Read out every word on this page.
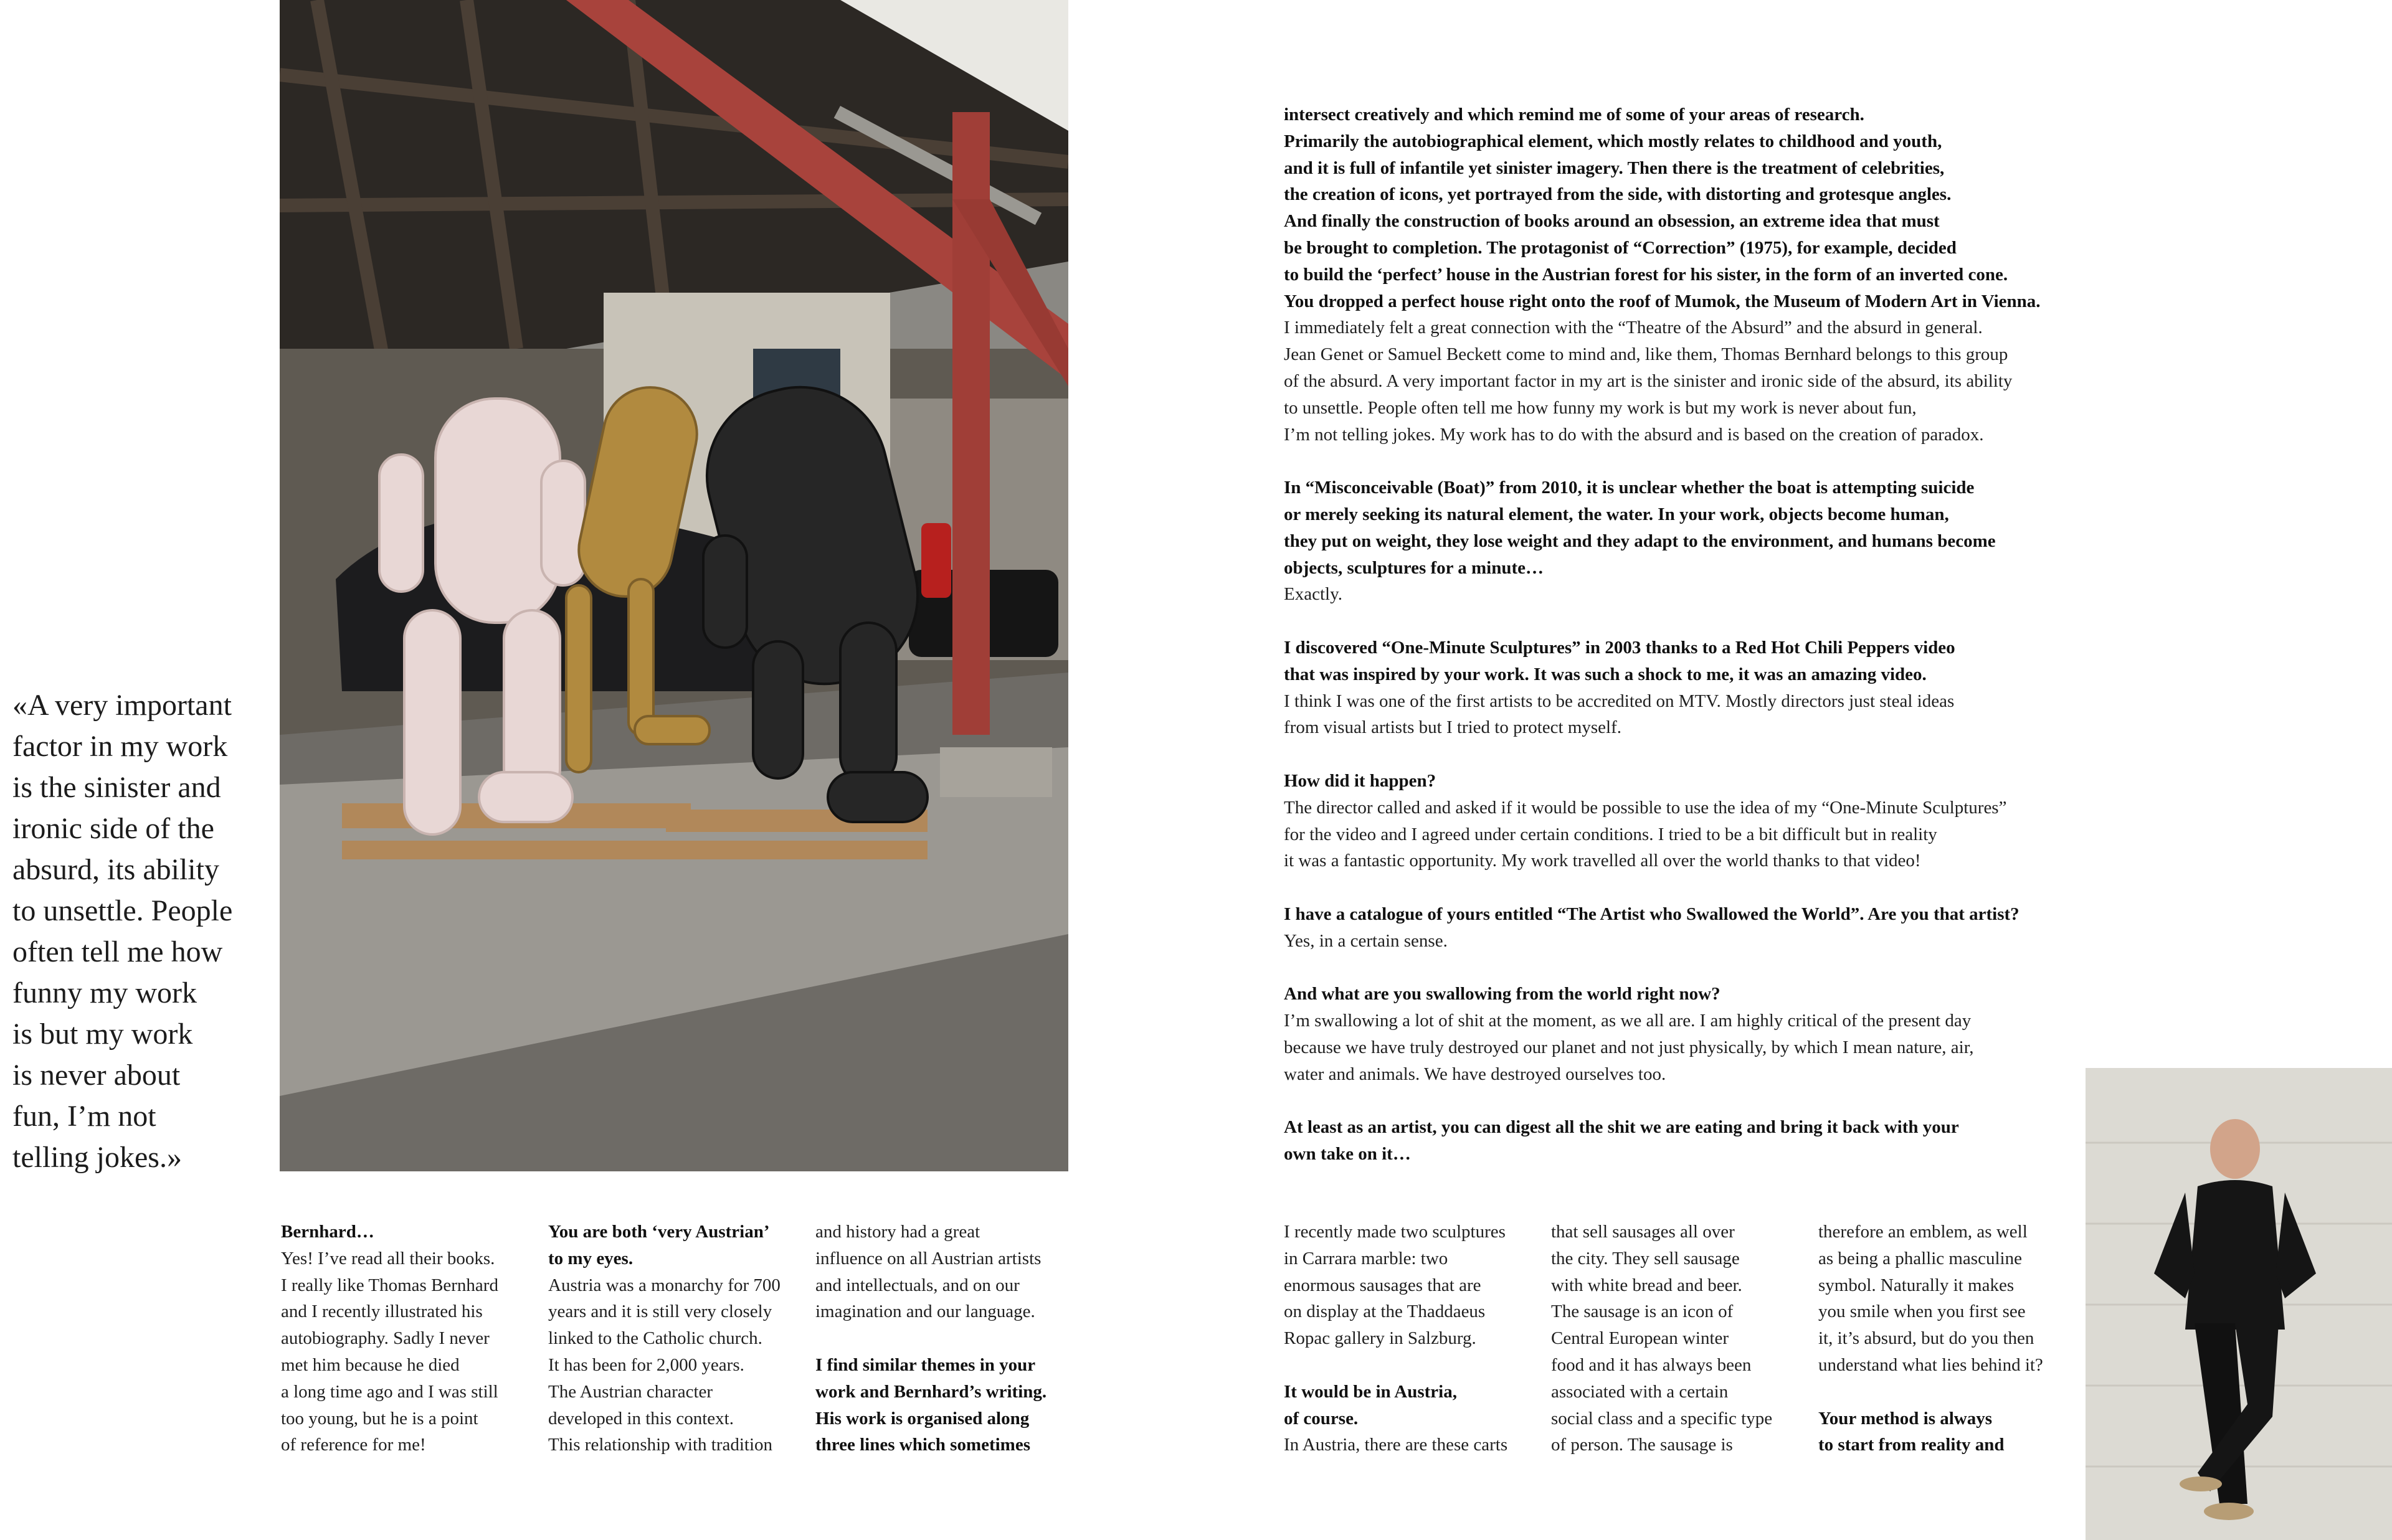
«A very important
factor in my work
is the sinister and
ironic side of the
absurd, its ability
to unsettle. People
often tell me how
funny my work
is but my work
is never about
fun, I’m not
telling jokes.»

Bernhard…

Yes! I’ve read all their books.

I really like Thomas Bernhard

and I recently illustrated his

autobiography. Sadly I never

met him because he died

a long time ago and I was still

too young, but he is a point

of reference for me!

You are both ‘very Austrian’

to my eyes.

Austria was a monarchy for 700

years and it is still very closely

linked to the Catholic church.

It has been for 2,000 years.

The Austrian character

developed in this context.

This relationship with tradition

and history had a great

influence on all Austrian artists

and intellectuals, and on our

imagination and our language.

I find similar themes in your

work and Bernhard’s writing.

His work is organised along

three lines which sometimes

intersect creatively and which remind me of some of your areas of research.

Primarily the autobiographical element, which mostly relates to childhood and youth,

and it is full of infantile yet sinister imagery. Then there is the treatment of celebrities,

the creation of icons, yet portrayed from the side, with distorting and grotesque angles.

And finally the construction of books around an obsession, an extreme idea that must

be brought to completion. The protagonist of “Correction” (1975), for example, decided

to build the ‘perfect’ house in the Austrian forest for his sister, in the form of an inverted cone.

You dropped a perfect house right onto the roof of Mumok, the Museum of Modern Art in Vienna.

I immediately felt a great connection with the “Theatre of the Absurd” and the absurd in general.

Jean Genet or Samuel Beckett come to mind and, like them, Thomas Bernhard belongs to this group

of the absurd. A very important factor in my art is the sinister and ironic side of the absurd, its ability

to unsettle. People often tell me how funny my work is but my work is never about fun,

I’m not telling jokes. My work has to do with the absurd and is based on the creation of paradox.

In “Misconceivable (Boat)” from 2010, it is unclear whether the boat is attempting suicide

or merely seeking its natural element, the water. In your work, objects become human,

they put on weight, they lose weight and they adapt to the environment, and humans become

objects, sculptures for a minute…

Exactly.

I discovered “One-Minute Sculptures” in 2003 thanks to a Red Hot Chili Peppers video

that was inspired by your work. It was such a shock to me, it was an amazing video.

I think I was one of the first artists to be accredited on MTV. Mostly directors just steal ideas

from visual artists but I tried to protect myself.

How did it happen?

The director called and asked if it would be possible to use the idea of my “One-Minute Sculptures”

for the video and I agreed under certain conditions. I tried to be a bit difficult but in reality

it was a fantastic opportunity. My work travelled all over the world thanks to that video!

I have a catalogue of yours entitled “The Artist who Swallowed the World”. Are you that artist?

Yes, in a certain sense.

And what are you swallowing from the world right now?

I’m swallowing a lot of shit at the moment, as we all are. I am highly critical of the present day

because we have truly destroyed our planet and not just physically, by which I mean nature, air,

water and animals. We have destroyed ourselves too.

At least as an artist, you can digest all the shit we are eating and bring it back with your

own take on it…

I recently made two sculptures

in Carrara marble: two

enormous sausages that are

on display at the Thaddaeus

Ropac gallery in Salzburg.

It would be in Austria,

of course.

In Austria, there are these carts

that sell sausages all over

the city. They sell sausage

with white bread and beer.

The sausage is an icon of

Central European winter

food and it has always been

associated with a certain

social class and a specific type

of person. The sausage is

therefore an emblem, as well

as being a phallic masculine

symbol. Naturally it makes

you smile when you first see

it, it’s absurd, but do you then

understand what lies behind it?

Your method is always

to start from reality and
